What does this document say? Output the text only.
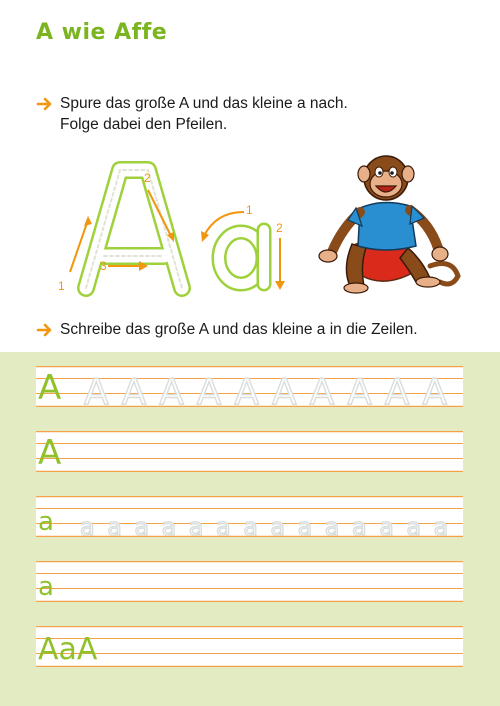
A wie Affe
Spure das große A und das kleine a nach.
Folge dabei den Pfeilen.
1
2
3
1
2
Schreibe das große A und das kleine a in die Zeilen.
A A A A A A A A A A
A
A
a a a a a a a a a a a a a a
a
a
AaA
